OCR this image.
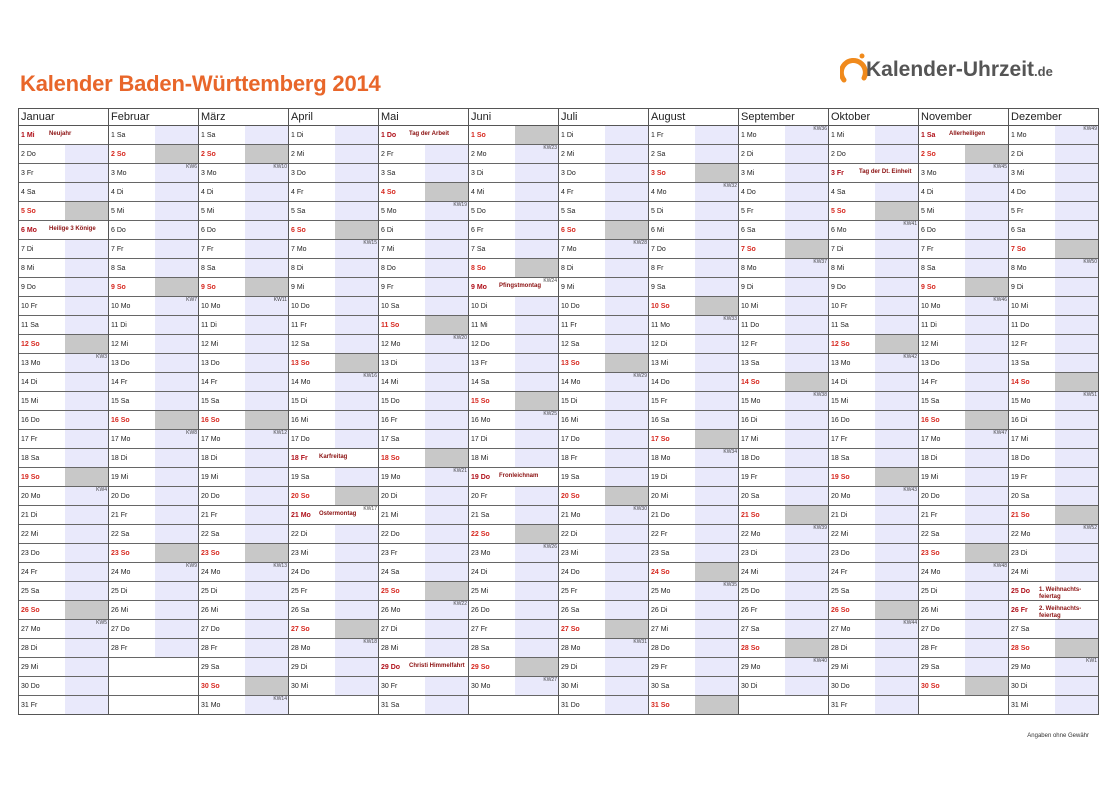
Kalender Baden-Württemberg 2014
Kalender-Uhrzeit.de
Januar
1 Mi Neujahr
2 Do
3 Fr
4 Sa
5 So
6 Mo Heilige 3 Könige
7 Di
8 Mi
9 Do
10 Fr
11 Sa
12 So
13 Mo
KW3
14 Di
15 Mi
16 Do
17 Fr
18 Sa
19 So
20 Mo
KW4
21 Di
22 Mi
23 Do
24 Fr
25 Sa
26 So
27 Mo
KW5
28 Di
29 Mi
30 Do
31 Fr
Februar
1 Sa
2 So
3 Mo
KW6
4 Di
5 Mi
6 Do
7 Fr
8 Sa
9 So
10 Mo
KW7
11 Di
12 Mi
13 Do
14 Fr
15 Sa
16 So
17 Mo
KW8
18 Di
19 Mi
20 Do
21 Fr
22 Sa
23 So
24 Mo
KW9
25 Di
26 Mi
27 Do
28 Fr
März
1 Sa
2 So
3 Mo
KW10
4 Di
5 Mi
6 Do
7 Fr
8 Sa
9 So
10 Mo
KW11
11 Di
12 Mi
13 Do
14 Fr
15 Sa
16 So
17 Mo
KW12
18 Di
19 Mi
20 Do
21 Fr
22 Sa
23 So
24 Mo
KW13
25 Di
26 Mi
27 Do
28 Fr
29 Sa
30 So
31 Mo
KW14
April
1 Di
2 Mi
3 Do
4 Fr
5 Sa
6 So
7 Mo
KW15
8 Di
9 Mi
10 Do
11 Fr
12 Sa
13 So
14 Mo
KW16
15 Di
16 Mi
17 Do
18 Fr Karfreitag
19 Sa
20 So
21 Mo Ostermontag
KW17
22 Di
23 Mi
24 Do
25 Fr
26 Sa
27 So
28 Mo
KW18
29 Di
30 Mi
Mai
1 Do Tag der Arbeit
2 Fr
3 Sa
4 So
5 Mo
KW19
6 Di
7 Mi
8 Do
9 Fr
10 Sa
11 So
12 Mo
KW20
13 Di
14 Mi
15 Do
16 Fr
17 Sa
18 So
19 Mo
KW21
20 Di
21 Mi
22 Do
23 Fr
24 Sa
25 So
26 Mo
KW22
27 Di
28 Mi
29 Do Christi Himmelfahrt
30 Fr
31 Sa
Juni
1 So
2 Mo
KW23
3 Di
4 Mi
5 Do
6 Fr
7 Sa
8 So
9 Mo Pfingstmontag
KW24
10 Di
11 Mi
12 Do
13 Fr
14 Sa
15 So
16 Mo
KW25
17 Di
18 Mi
19 Do Fronleichnam
20 Fr
21 Sa
22 So
23 Mo
KW26
24 Di
25 Mi
26 Do
27 Fr
28 Sa
29 So
30 Mo
KW27
Juli
1 Di
2 Mi
3 Do
4 Fr
5 Sa
6 So
7 Mo
KW28
8 Di
9 Mi
10 Do
11 Fr
12 Sa
13 So
14 Mo
KW29
15 Di
16 Mi
17 Do
18 Fr
19 Sa
20 So
21 Mo
KW30
22 Di
23 Mi
24 Do
25 Fr
26 Sa
27 So
28 Mo
KW31
29 Di
30 Mi
31 Do
August
1 Fr
2 Sa
3 So
4 Mo
KW32
5 Di
6 Mi
7 Do
8 Fr
9 Sa
10 So
11 Mo
KW33
12 Di
13 Mi
14 Do
15 Fr
16 Sa
17 So
18 Mo
KW34
19 Di
20 Mi
21 Do
22 Fr
23 Sa
24 So
25 Mo
KW35
26 Di
27 Mi
28 Do
29 Fr
30 Sa
31 So
September
1 Mo
KW36
2 Di
3 Mi
4 Do
5 Fr
6 Sa
7 So
8 Mo
KW37
9 Di
10 Mi
11 Do
12 Fr
13 Sa
14 So
15 Mo
KW38
16 Di
17 Mi
18 Do
19 Fr
20 Sa
21 So
22 Mo
KW39
23 Di
24 Mi
25 Do
26 Fr
27 Sa
28 So
29 Mo
KW40
30 Di
Oktober
1 Mi
2 Do
3 Fr	Tag der Dt. Einheit
4 Sa
5 So
6 Mo
KW41
7 Di
8 Mi
9 Do
10 Fr
11 Sa
12 So
13 Mo
KW42
14 Di
15 Mi
16 Do
17 Fr
18 Sa
19 So
20 Mo
KW43
21 Di
22 Mi
23 Do
24 Fr
25 Sa
26 So
27 Mo
KW44
28 Di
29 Mi
30 Do
31 Fr
November
1 Sa Allerheiligen
2 So
3 Mo
KW45
4 Di
5 Mi
6 Do
7 Fr
8 Sa
9 So
10 Mo
KW46
11 Di
12 Mi
13 Do
14 Fr
15 Sa
16 So
17 Mo
KW47
18 Di
19 Mi
20 Do
21 Fr
22 Sa
23 So
24 Mo
KW48
25 Di
26 Mi
27 Do
28 Fr
29 Sa
30 So
Dezember
1 Mo
KW49
2 Di
3 Mi
4 Do
5 Fr
6 Sa
7 So
8 Mo
KW50
9 Di
10 Mi
11 Do
12 Fr
13 Sa
14 So
15 Mo
KW51
16 Di
17 Mi
18 Do
19 Fr
20 Sa
21 So
22 Mo
KW52
23 Di
24 Mi
25 Do 1. Weihnachts-feiertag
26 Fr 2. Weihnachts-feiertag
27 Sa
28 So
29 Mo
KW1
30 Di
31 Mi
Angaben ohne Gewähr
